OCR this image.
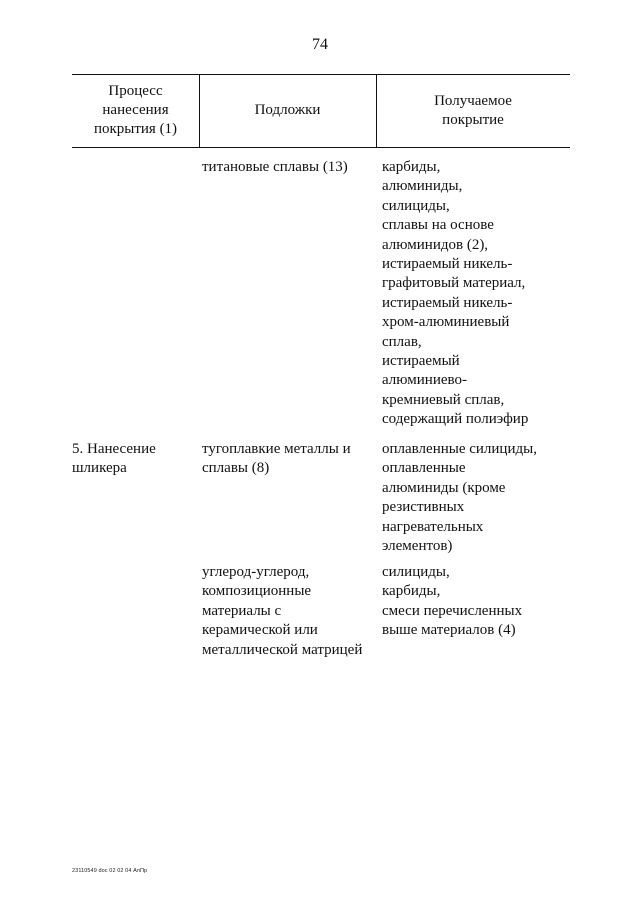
74
Процесс
нанесения
покрытия (1)
Подложки
Получаемое
покрытие
титановые сплавы (13) карбиды,
алюминиды,
силициды,
сплавы на основе
алюминидов (2),
истираемый никель-
графитовый материал,
истираемый никель-
хром-алюминиевый
сплав,
истираемый
алюминиево-
кремниевый сплав,
содержащий полиэфир
5. Нанесение
шликера
тугоплавкие металлы и
сплавы (8)
оплавленные силициды,
оплавленные
алюминиды (кроме
резистивных
нагревательных
элементов)
углерод-углерод,
композиционные
материалы с
керамической или
металлической матрицей
силициды,
карбиды,
смеси перечисленных
выше материалов (4)
23110549 doc 02 02 04 АпПр
